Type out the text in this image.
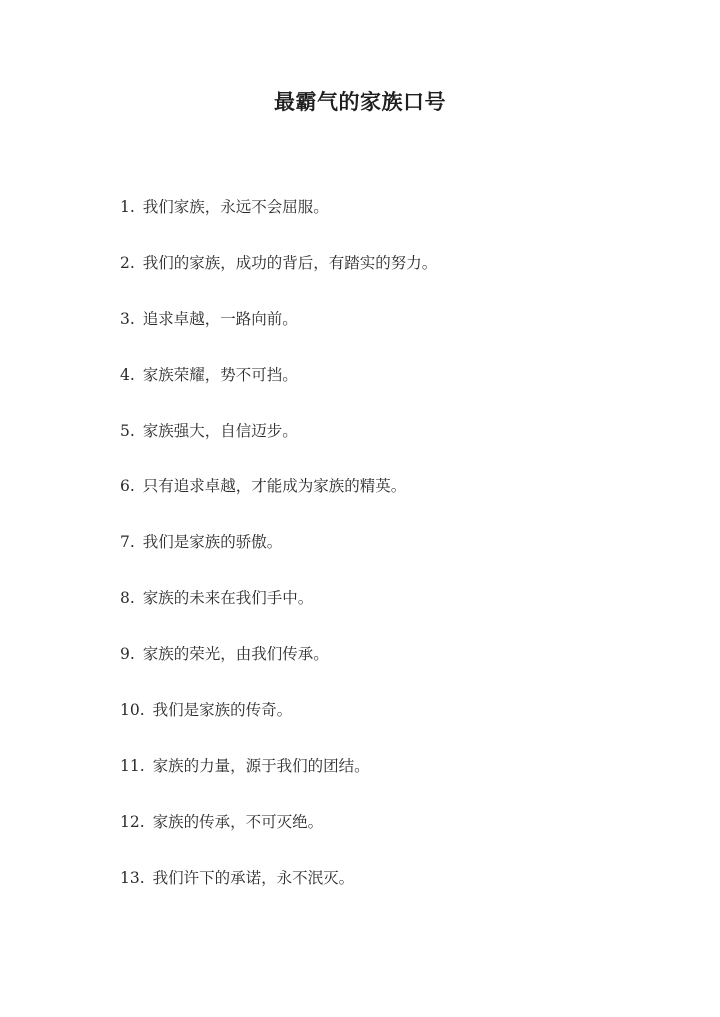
最霸气的家族口号
1. 我们家族，永远不会屈服。
2. 我们的家族，成功的背后，有踏实的努力。
3. 追求卓越，一路向前。
4. 家族荣耀，势不可挡。
5. 家族强大，自信迈步。
6. 只有追求卓越，才能成为家族的精英。
7. 我们是家族的骄傲。
8. 家族的未来在我们手中。
9. 家族的荣光，由我们传承。
10. 我们是家族的传奇。
11. 家族的力量，源于我们的团结。
12. 家族的传承，不可灭绝。
13. 我们许下的承诺，永不泯灭。
